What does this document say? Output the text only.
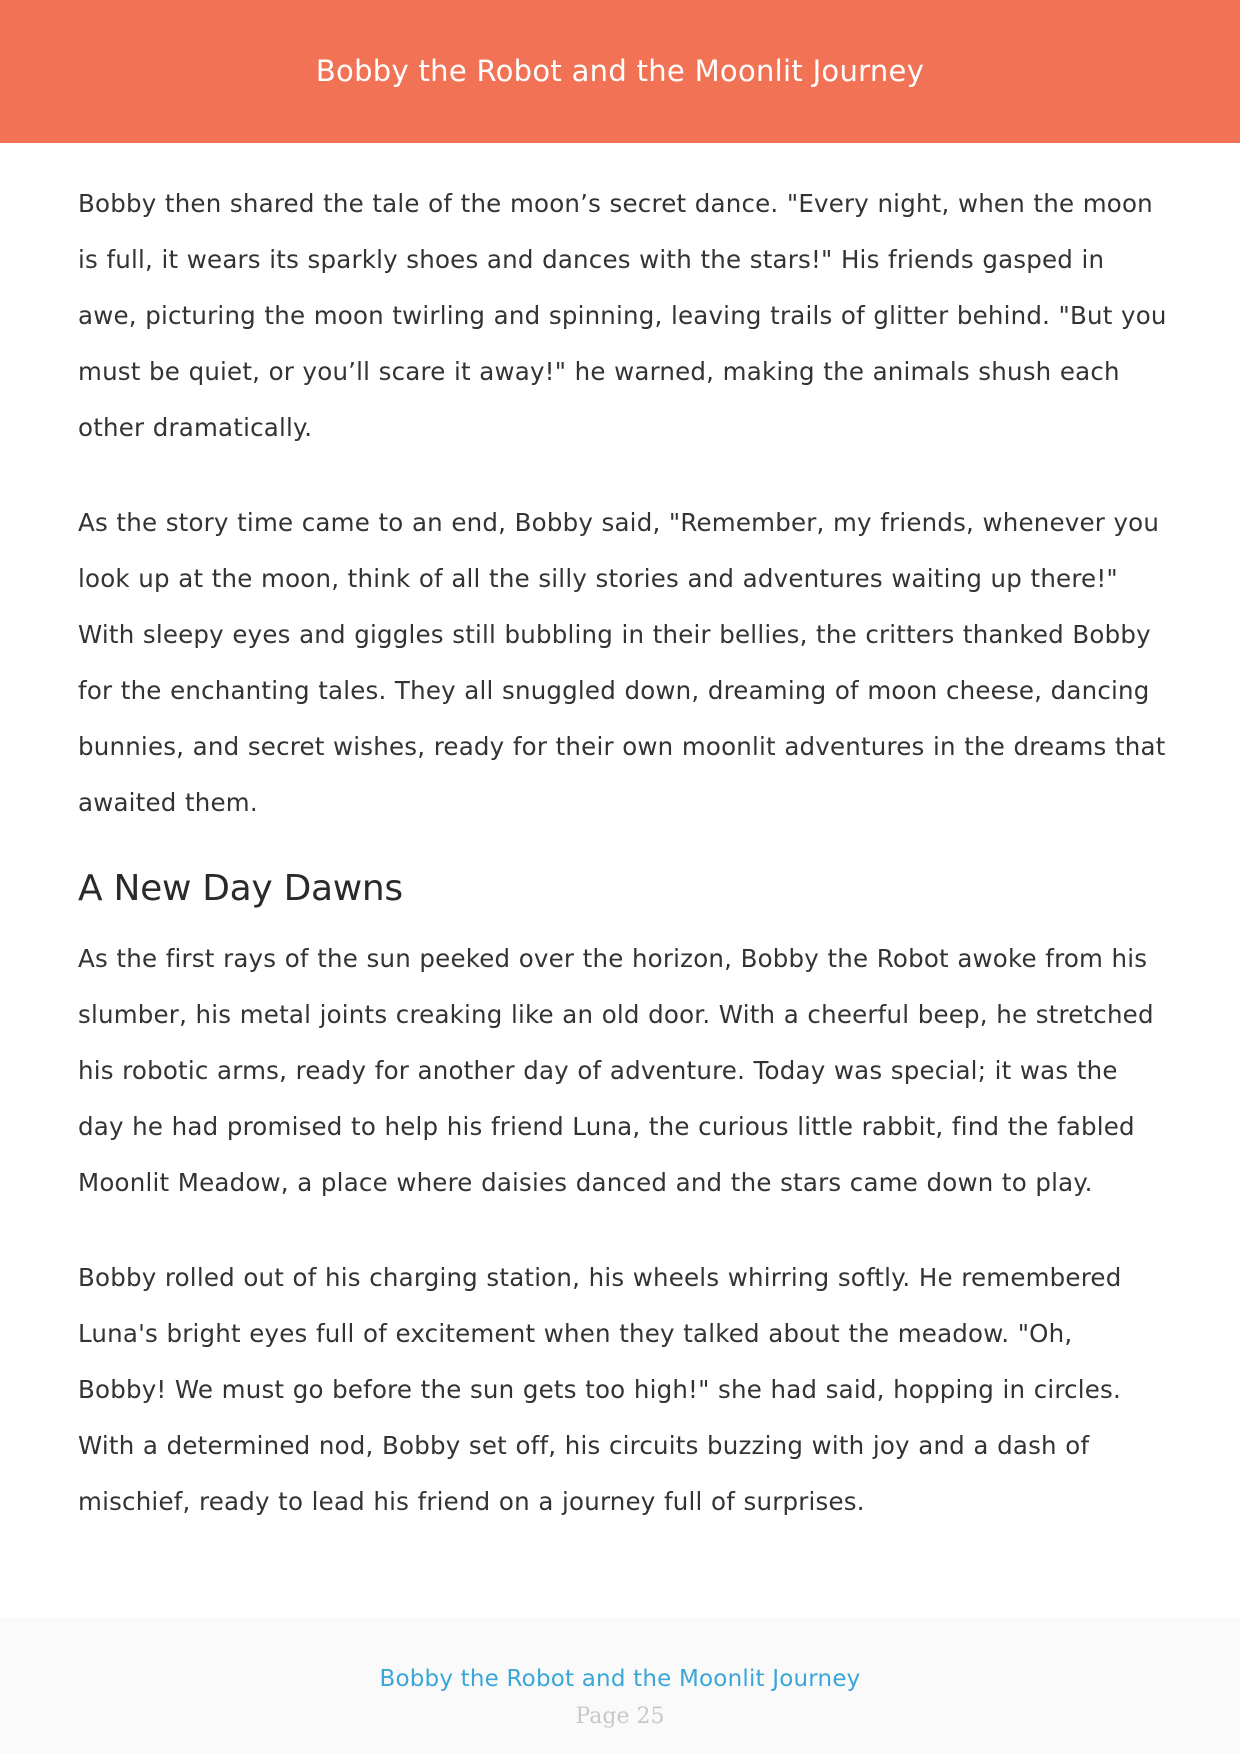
Bobby the Robot and the Moonlit Journey

Bobby then shared the tale of the moon’s secret dance. "Every night, when the moon is full, it wears its sparkly shoes and dances with the stars!" His friends gasped in awe, picturing the moon twirling and spinning, leaving trails of glitter behind. "But you must be quiet, or you’ll scare it away!" he warned, making the animals shush each other dramatically.

As the story time came to an end, Bobby said, "Remember, my friends, whenever you look up at the moon, think of all the silly stories and adventures waiting up there!" With sleepy eyes and giggles still bubbling in their bellies, the critters thanked Bobby for the enchanting tales. They all snuggled down, dreaming of moon cheese, dancing bunnies, and secret wishes, ready for their own moonlit adventures in the dreams that awaited them.

A New Day Dawns

As the first rays of the sun peeked over the horizon, Bobby the Robot awoke from his slumber, his metal joints creaking like an old door. With a cheerful beep, he stretched his robotic arms, ready for another day of adventure. Today was special; it was the day he had promised to help his friend Luna, the curious little rabbit, find the fabled Moonlit Meadow, a place where daisies danced and the stars came down to play.

Bobby rolled out of his charging station, his wheels whirring softly. He remembered Luna's bright eyes full of excitement when they talked about the meadow. "Oh, Bobby! We must go before the sun gets too high!" she had said, hopping in circles. With a determined nod, Bobby set off, his circuits buzzing with joy and a dash of mischief, ready to lead his friend on a journey full of surprises.

Bobby the Robot and the Moonlit Journey
Page 25
